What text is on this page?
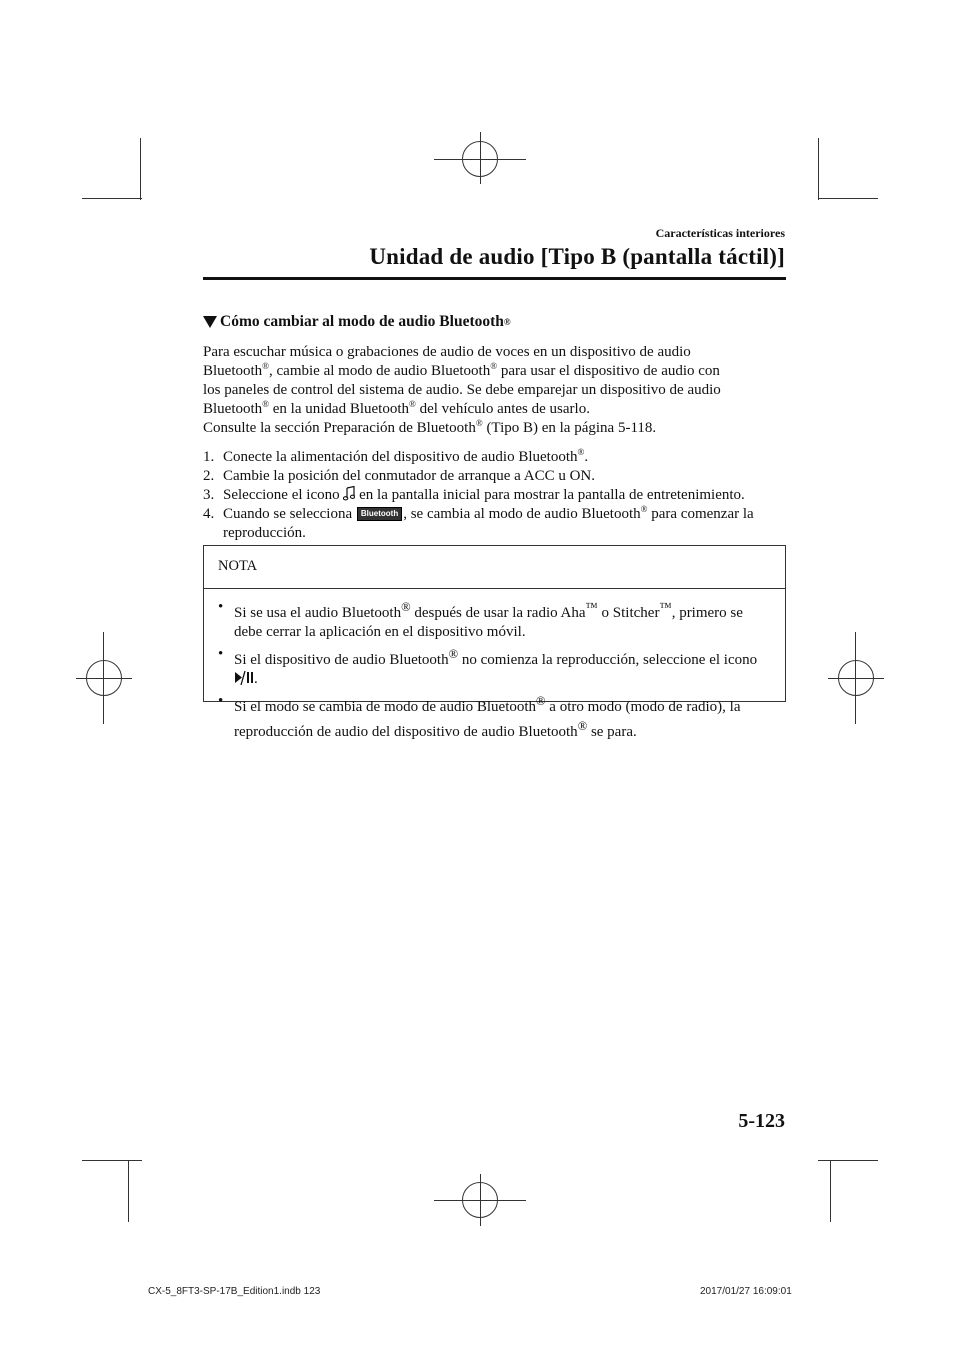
Características interiores
Unidad de audio [Tipo B (pantalla táctil)]
Cómo cambiar al modo de audio Bluetooth ®
Para escuchar música o grabaciones de audio de voces en un dispositivo de audio
Bluetooth®, cambie al modo de audio Bluetooth® para usar el dispositivo de audio con
los paneles de control del sistema de audio. Se debe emparejar un dispositivo de audio
Bluetooth® en la unidad Bluetooth® del vehículo antes de usarlo.
Consulte la sección Preparación de Bluetooth® (Tipo B) en la página 5-118.
1. Conecte la alimentación del dispositivo de audio Bluetooth®.
2. Cambie la posición del conmutador de arranque a ACC u ON.
3. Seleccione el icono  en la pantalla inicial para mostrar la pantalla de entretenimiento.
4. Cuando se selecciona Bluetooth , se cambia al modo de audio Bluetooth® para comenzar la reproducción.
NOTA
• Si se usa el audio Bluetooth® después de usar la radio Aha™ o Stitcher™, primero se debe cerrar la aplicación en el dispositivo móvil.
• Si el dispositivo de audio Bluetooth® no comienza la reproducción, seleccione el icono

.
• Si el modo se cambia de modo de audio Bluetooth® a otro modo (modo de radio), la reproducción de audio del dispositivo de audio Bluetooth® se para.
5-123
CX-5_8FT3-SP-17B_Edition1.indb 123	2017/01/27 16:09:01
